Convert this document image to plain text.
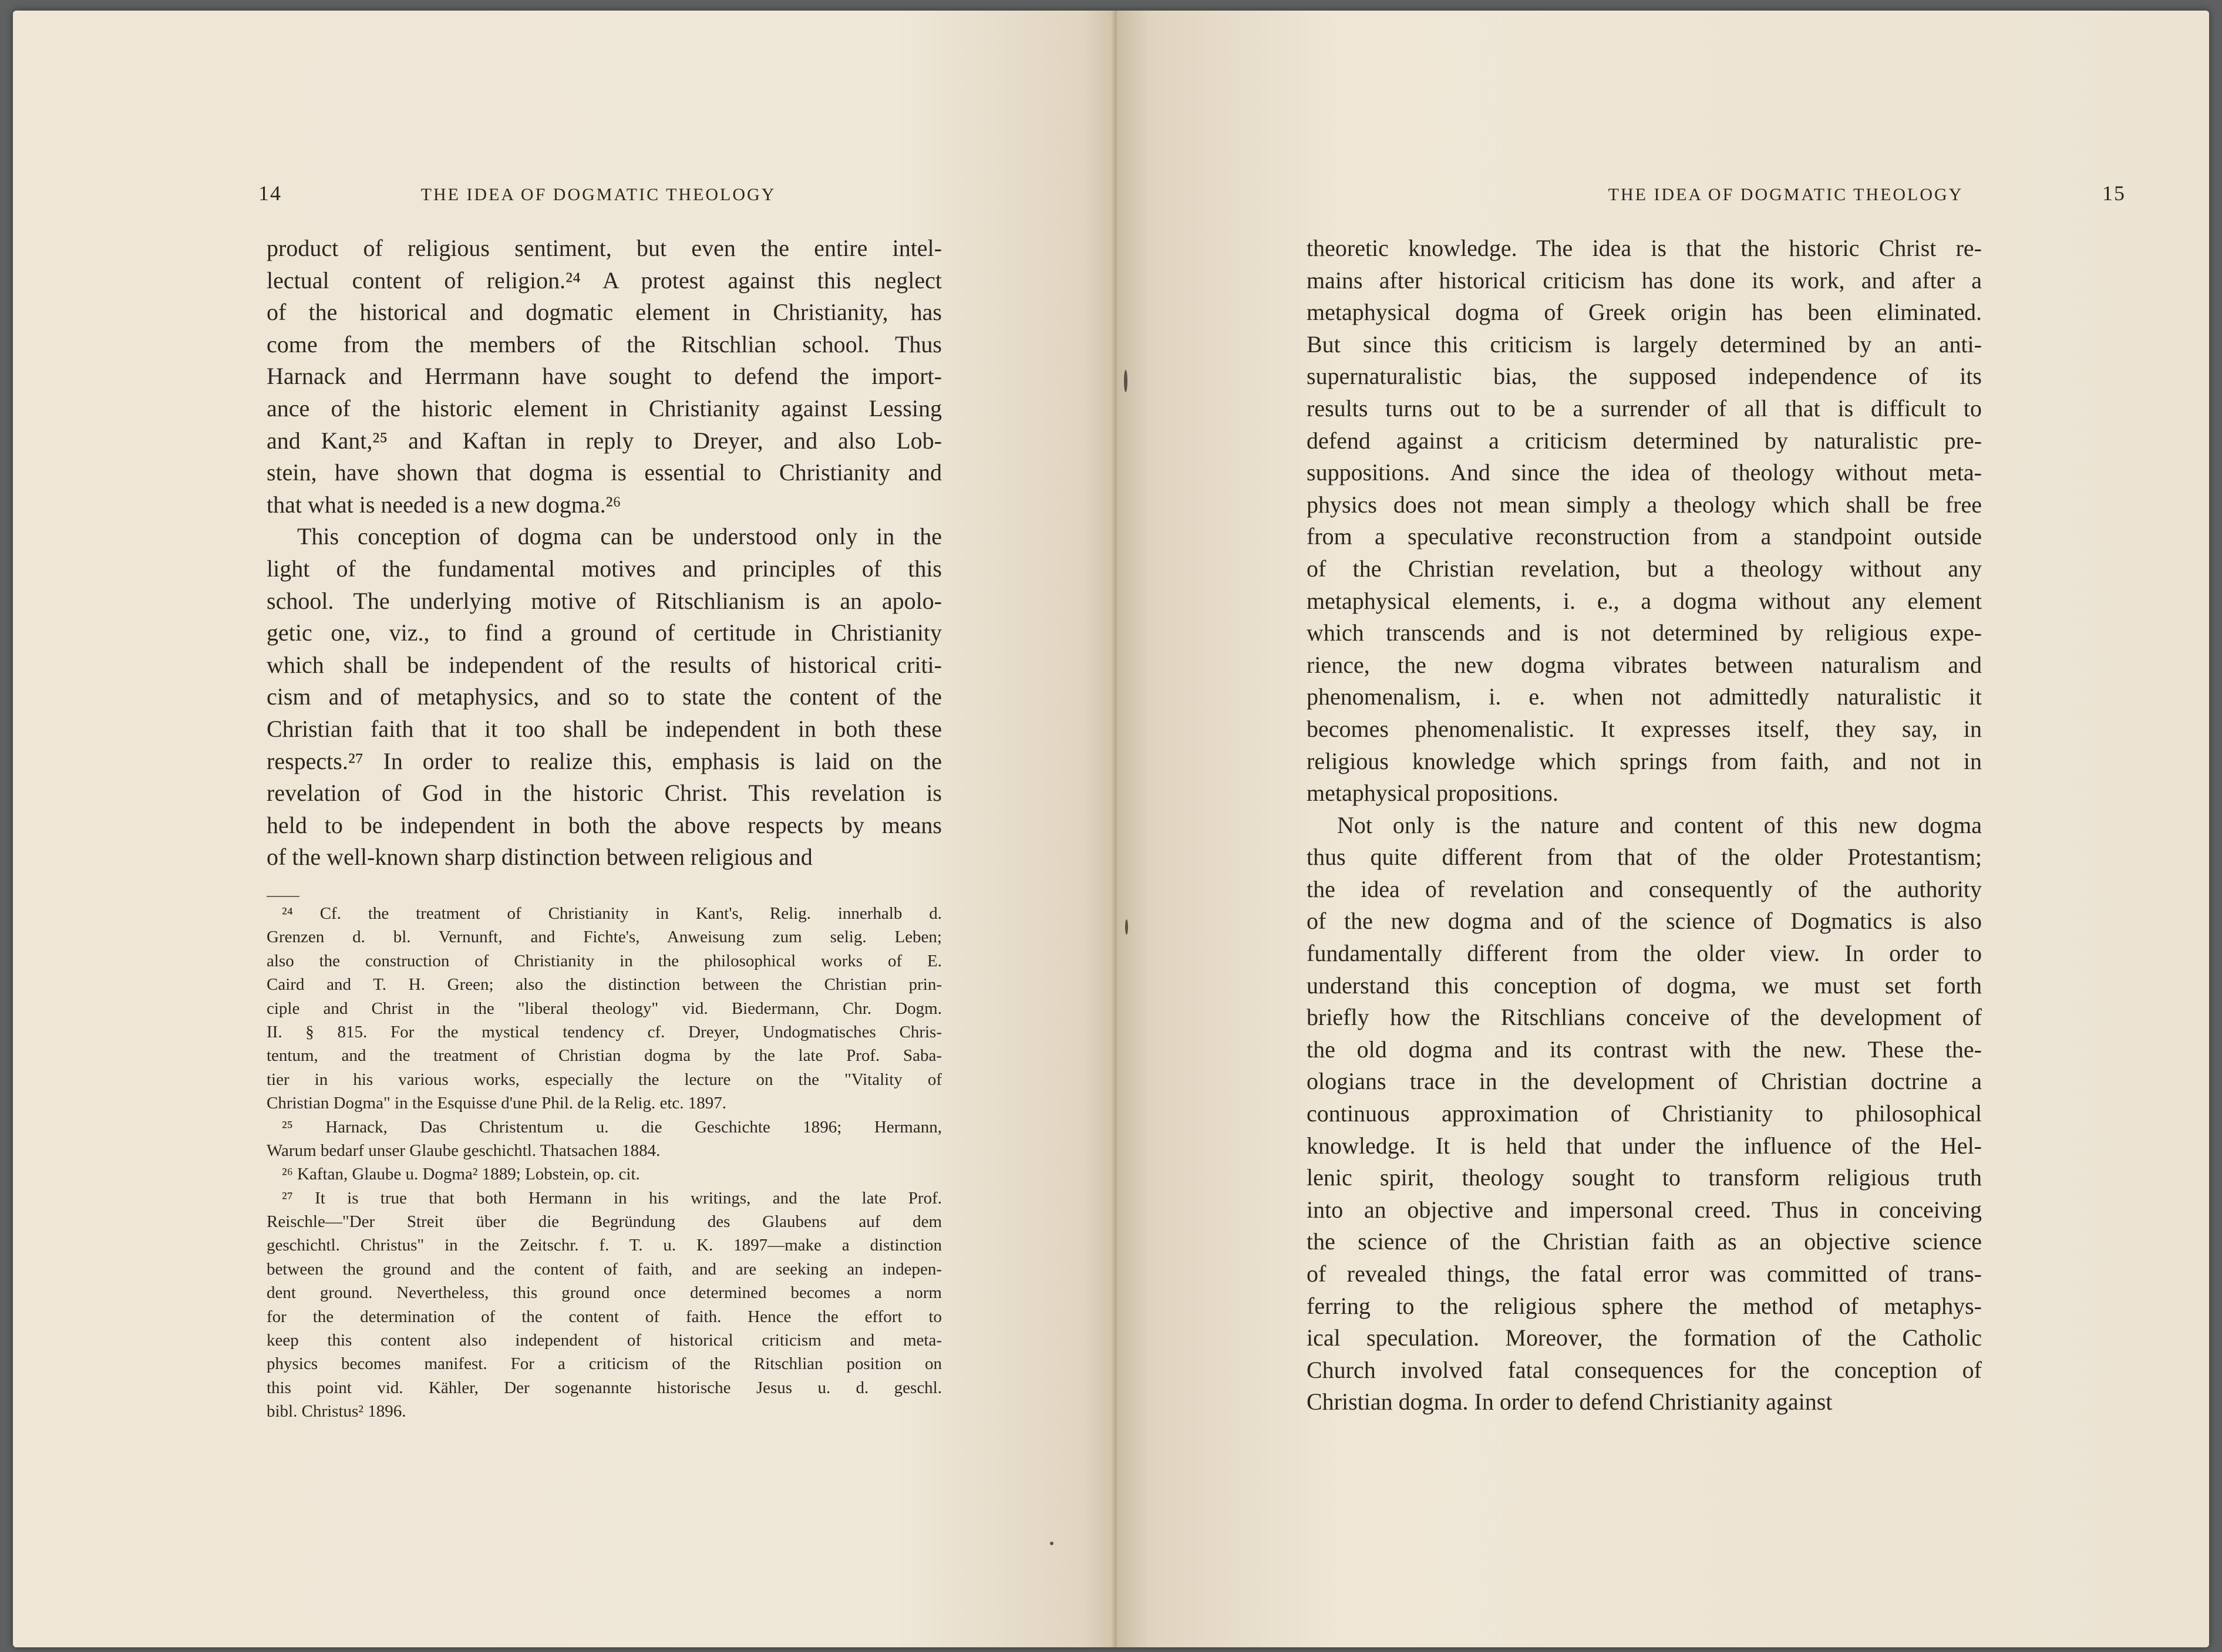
14	THE IDEA OF DOGMATIC THEOLOGY
product of religious sentiment, but even the entire intel-
lectual content of religion.²⁴ A protest against this neglect
of the historical and dogmatic element in Christianity, has
come from the members of the Ritschlian school. Thus
Harnack and Herrmann have sought to defend the import-
ance of the historic element in Christianity against Lessing
and Kant,²⁵ and Kaftan in reply to Dreyer, and also Lob-
stein, have shown that dogma is essential to Christianity and
that what is needed is a new dogma.²⁶
This conception of dogma can be understood only in the
light of the fundamental motives and principles of this
school. The underlying motive of Ritschlianism is an apolo-
getic one, viz., to find a ground of certitude in Christianity
which shall be independent of the results of historical criti-
cism and of metaphysics, and so to state the content of the
Christian faith that it too shall be independent in both these
respects.²⁷ In order to realize this, emphasis is laid on the
revelation of God in the historic Christ. This revelation is
held to be independent in both the above respects by means
of the well-known sharp distinction between religious and
²⁴ Cf. the treatment of Christianity in Kant's, Relig. innerhalb d.
Grenzen d. bl. Vernunft, and Fichte's, Anweisung zum selig. Leben;
also the construction of Christianity in the philosophical works of E.
Caird and T. H. Green; also the distinction between the Christian prin-
ciple and Christ in the "liberal theology" vid. Biedermann, Chr. Dogm.
II. § 815. For the mystical tendency cf. Dreyer, Undogmatisches Chris-
tentum, and the treatment of Christian dogma by the late Prof. Saba-
tier in his various works, especially the lecture on the "Vitality of
Christian Dogma" in the Esquisse d'une Phil. de la Relig. etc. 1897.
²⁵ Harnack, Das Christentum u. die Geschichte 1896; Hermann,
Warum bedarf unser Glaube geschichtl. Thatsachen 1884.
²⁶ Kaftan, Glaube u. Dogma² 1889; Lobstein, op. cit.
²⁷ It is true that both Hermann in his writings, and the late Prof.
Reischle—"Der Streit über die Begründung des Glaubens auf dem
geschichtl. Christus" in the Zeitschr. f. T. u. K. 1897—make a distinction
between the ground and the content of faith, and are seeking an indepen-
dent ground. Nevertheless, this ground once determined becomes a norm
for the determination of the content of faith. Hence the effort to
keep this content also independent of historical criticism and meta-
physics becomes manifest. For a criticism of the Ritschlian position on
this point vid. Kähler, Der sogenannte historische Jesus u. d. geschl.
bibl. Christus² 1896.
THE IDEA OF DOGMATIC THEOLOGY	15
theoretic knowledge. The idea is that the historic Christ re-
mains after historical criticism has done its work, and after a
metaphysical dogma of Greek origin has been eliminated.
But since this criticism is largely determined by an anti-
supernaturalistic bias, the supposed independence of its
results turns out to be a surrender of all that is difficult to
defend against a criticism determined by naturalistic pre-
suppositions. And since the idea of theology without meta-
physics does not mean simply a theology which shall be free
from a speculative reconstruction from a standpoint outside
of the Christian revelation, but a theology without any
metaphysical elements, i. e., a dogma without any element
which transcends and is not determined by religious expe-
rience, the new dogma vibrates between naturalism and
phenomenalism, i. e. when not admittedly naturalistic it
becomes phenomenalistic. It expresses itself, they say, in
religious knowledge which springs from faith, and not in
metaphysical propositions.
Not only is the nature and content of this new dogma
thus quite different from that of the older Protestantism;
the idea of revelation and consequently of the authority
of the new dogma and of the science of Dogmatics is also
fundamentally different from the older view. In order to
understand this conception of dogma, we must set forth
briefly how the Ritschlians conceive of the development of
the old dogma and its contrast with the new. These the-
ologians trace in the development of Christian doctrine a
continuous approximation of Christianity to philosophical
knowledge. It is held that under the influence of the Hel-
lenic spirit, theology sought to transform religious truth
into an objective and impersonal creed. Thus in conceiving
the science of the Christian faith as an objective science
of revealed things, the fatal error was committed of trans-
ferring to the religious sphere the method of metaphys-
ical speculation. Moreover, the formation of the Catholic
Church involved fatal consequences for the conception of
Christian dogma. In order to defend Christianity against
